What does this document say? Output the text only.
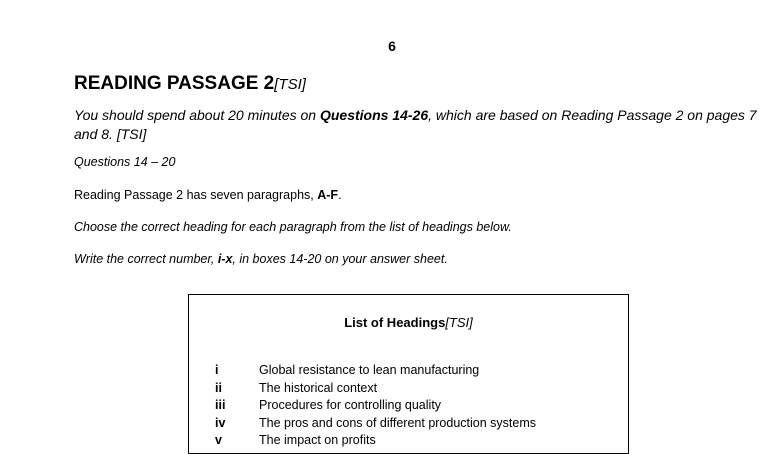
6
READING PASSAGE 2[TSI]
You should spend about 20 minutes on Questions 14-26, which are based on Reading Passage 2 on pages 7 and 8. [TSI]
Questions 14 – 20
Reading Passage 2 has seven paragraphs, A-F.
Choose the correct heading for each paragraph from the list of headings below.
Write the correct number, i-x, in boxes 14-20 on your answer sheet.
List of Headings[TSI]
i	Global resistance to lean manufacturing
ii	The historical context
iii	Procedures for controlling quality
iv	The pros and cons of different production systems
v	The impact on profits
